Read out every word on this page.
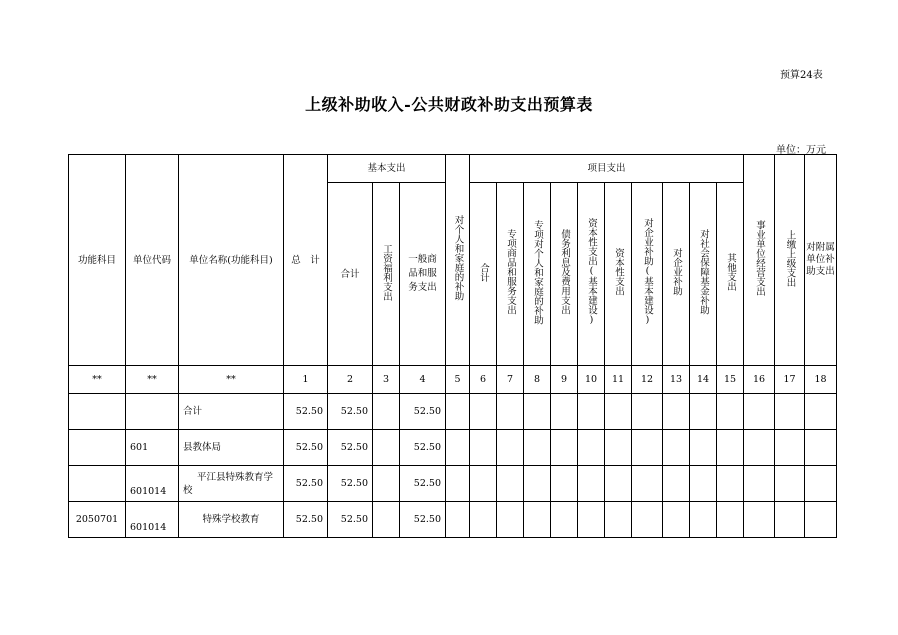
预算24表
上级补助收入-公共财政补助支出预算表
单位：万元
功能科目	单位代码	单位名称(功能科目)	总　计	基本支出			对个人和家庭的补助	项目支出										事业单位经营支出	上缴上级支出	对附属单位补助支出
				合计	工资福利支出	一般商品和服务支出		合计	专项商品和服务支出	专项对个人和家庭的补助	债务利息及费用支出	资本性支出(基本建设)	资本性支出	对企业补助(基本建设)	对企业补助	对社会保障基金补助	其他支出			
**	**	**	1	2	3	4	5	6	7	8	9	10	11	12	13	14	15	16	17	18
		合计	52.50	52.50		52.50														
	601	县教体局	52.50	52.50		52.50														
	601014	平江县特殊教育学校	52.50	52.50		52.50														
2050701	601014	特殊学校教育	52.50	52.50		52.50														
